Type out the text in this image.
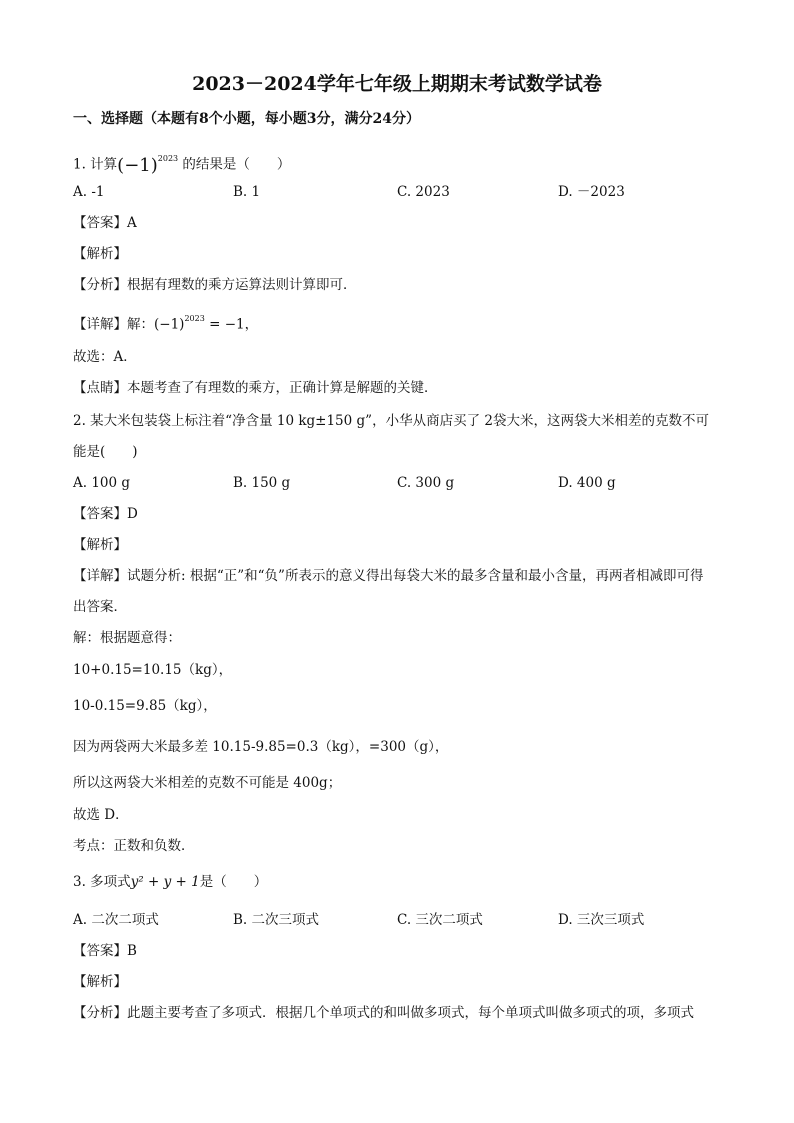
2023－2024学年七年级上期期末考试数学试卷
一、选择题（本题有8个小题，每小题3分，满分24分）
1. 计算$(-1)^{2023}$ 的结果是（　　）
A. -1	B. 1	C. 2023	D. －2023
【答案】A
【解析】
【分析】根据有理数的乘方运算法则计算即可．
【详解】解：$(-1)^{2023} = -1$，
故选：A．
【点睛】本题考查了有理数的乘方，正确计算是解题的关键．
2. 某大米包装袋上标注着“净含量 10 kg±150 g”，小华从商店买了 2袋大米，这两袋大米相差的克数不可
能是(　　)
A. 100 g	B. 150 g	C. 300 g	D. 400 g
【答案】D
【解析】
【详解】试题分析: 根据“正”和“负”所表示的意义得出每袋大米的最多含量和最小含量，再两者相减即可得
出答案．
解：根据题意得：
10+0.15=10.15（kg），
10-0.15=9.85（kg），
因为两袋两大米最多差 10.15-9.85=0.3（kg），=300（g），
所以这两袋大米相差的克数不可能是 400g；
故选 D．
考点：正数和负数．
3. 多项式y² + y + 1是（　　）
A. 二次二项式	B. 二次三项式	C. 三次二项式	D. 三次三项式
【答案】B
【解析】
【分析】此题主要考查了多项式．根据几个单项式的和叫做多项式，每个单项式叫做多项式的项，多项式
